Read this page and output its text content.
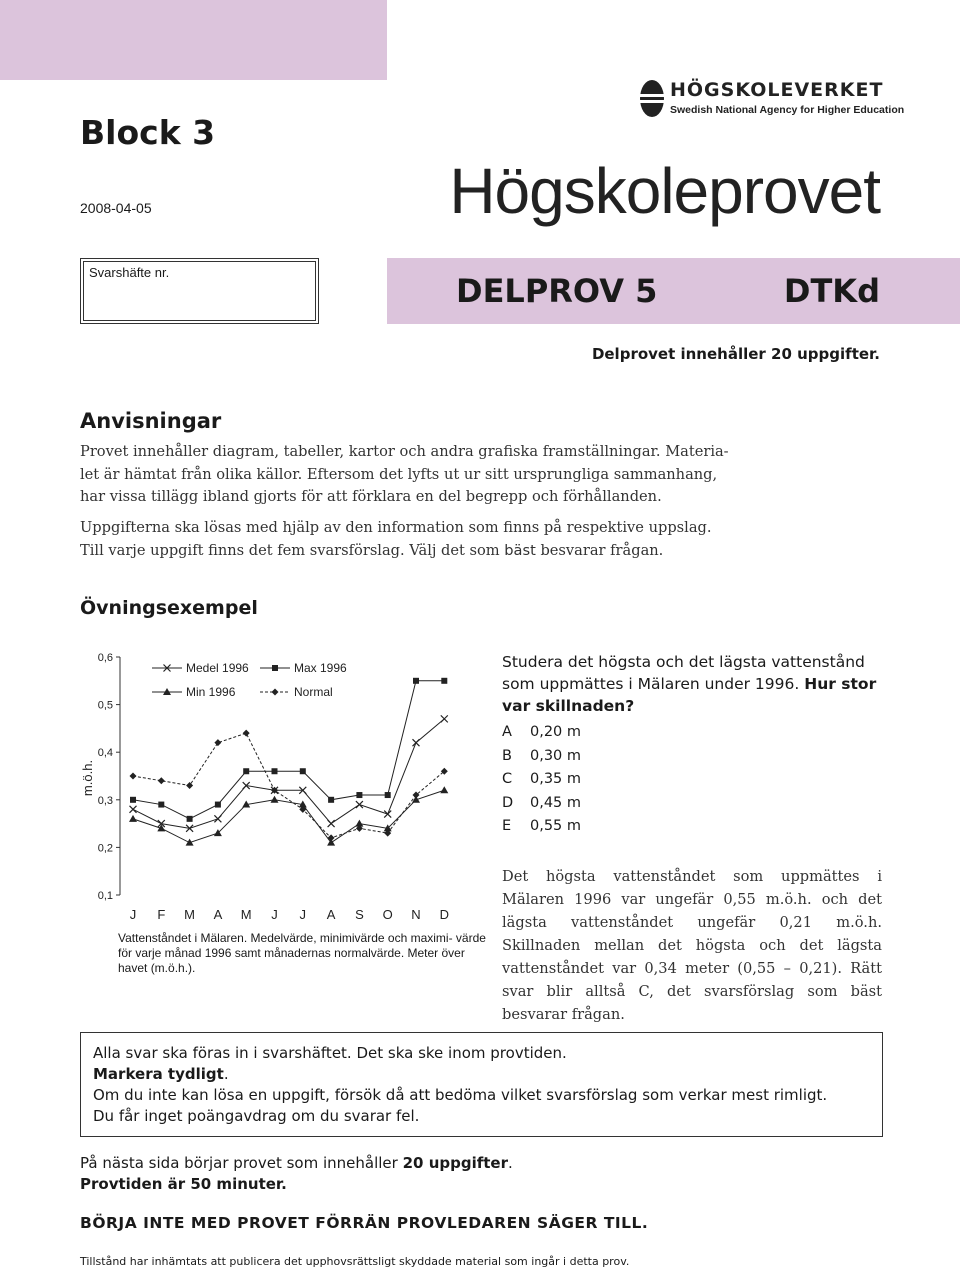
HÖGSKOLEVERKET
Swedish National Agency for Higher Education
Block 3
2008-04-05	Högskoleprovet
Svarshäfte nr.	DELPROV 5	DTKd
Delprovet innehåller 20 uppgifter.
Anvisningar
Provet innehåller diagram, tabeller, kartor och andra grafiska framställningar. Materia-
let är hämtat från olika källor. Eftersom det lyfts ut ur sitt ursprungliga sammanhang,
har vissa tillägg ibland gjorts för att förklara en del begrepp och förhållanden.
Uppgifterna ska lösas med hjälp av den information som finns på respektive uppslag.
Till varje uppgift finns det fem svarsförslag. Välj det som bäst besvarar frågan.
Övningsexempel
0,1
0,2
0,3
0,4
0,5
0,6
m.ö.h.
J F M A M J J A S O N D
Medel 1996	Max 1996
Min 1996	Normal
Vattenståndet i Mälaren. Medelvärde, minimivärde och maximi- värde för varje månad 1996 samt månadernas normalvärde. Meter över havet (m.ö.h.).
Studera det högsta och det lägsta vattenstånd som uppmättes i Mälaren under 1996. Hur stor var skillnaden?
A 0,20 m
B 0,30 m
C 0,35 m
D 0,45 m
E 0,55 m
Det högsta vattenståndet som uppmättes i Mälaren 1996 var ungefär 0,55 m.ö.h. och det lägsta vattenståndet ungefär 0,21 m.ö.h. Skillnaden mellan det högsta och det lägsta vattenståndet var 0,34 meter (0,55 – 0,21). Rätt svar blir alltså C, det svarsförslag som bäst besvarar frågan.
Alla svar ska föras in i svarshäftet. Det ska ske inom provtiden.
Markera tydligt.
Om du inte kan lösa en uppgift, försök då att bedöma vilket svarsförslag som verkar mest rimligt.
Du får inget poängavdrag om du svarar fel.
På nästa sida börjar provet som innehåller 20 uppgifter.
Provtiden är 50 minuter.
BÖRJA INTE MED PROVET FÖRRÄN PROVLEDAREN SÄGER TILL.
Tillstånd har inhämtats att publicera det upphovsrättsligt skyddade material som ingår i detta prov.
